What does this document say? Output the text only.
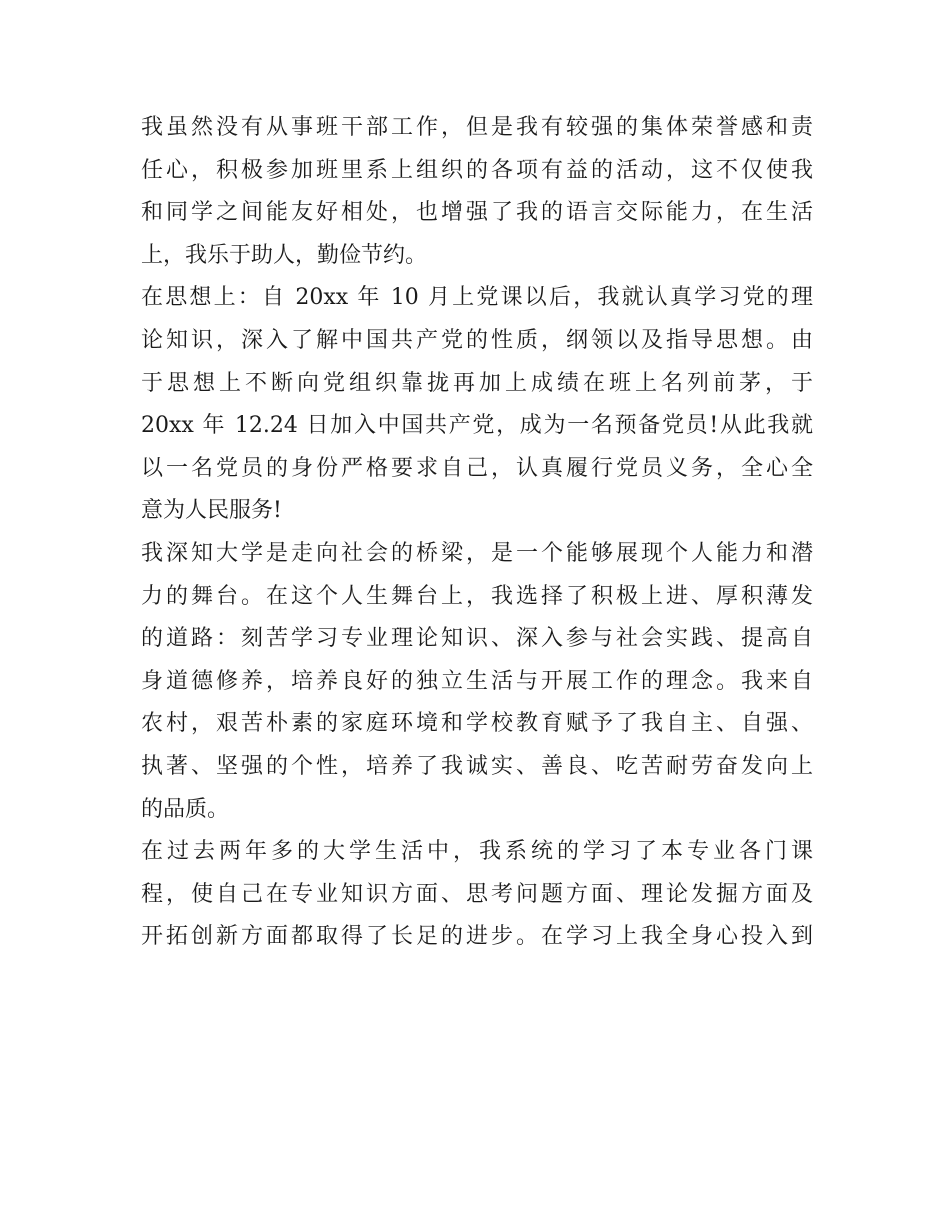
我虽然没有从事班干部工作，但是我有较强的集体荣誉感和责
任心，积极参加班里系上组织的各项有益的活动，这不仅使我
和同学之间能友好相处，也增强了我的语言交际能力，在生活
上，我乐于助人，勤俭节约。
在思想上：自 20xx 年 10 月上党课以后，我就认真学习党的理
论知识，深入了解中国共产党的性质，纲领以及指导思想。由
于思想上不断向党组织靠拢再加上成绩在班上名列前茅，于
20xx 年 12.24 日加入中国共产党，成为一名预备党员!从此我就
以一名党员的身份严格要求自己，认真履行党员义务，全心全
意为人民服务!
我深知大学是走向社会的桥梁，是一个能够展现个人能力和潜
力的舞台。在这个人生舞台上，我选择了积极上进、厚积薄发
的道路：刻苦学习专业理论知识、深入参与社会实践、提高自
身道德修养，培养良好的独立生活与开展工作的理念。我来自
农村，艰苦朴素的家庭环境和学校教育赋予了我自主、自强、
执著、坚强的个性，培养了我诚实、善良、吃苦耐劳奋发向上
的品质。
在过去两年多的大学生活中，我系统的学习了本专业各门课
程，使自己在专业知识方面、思考问题方面、理论发掘方面及
开拓创新方面都取得了长足的进步。在学习上我全身心投入到
